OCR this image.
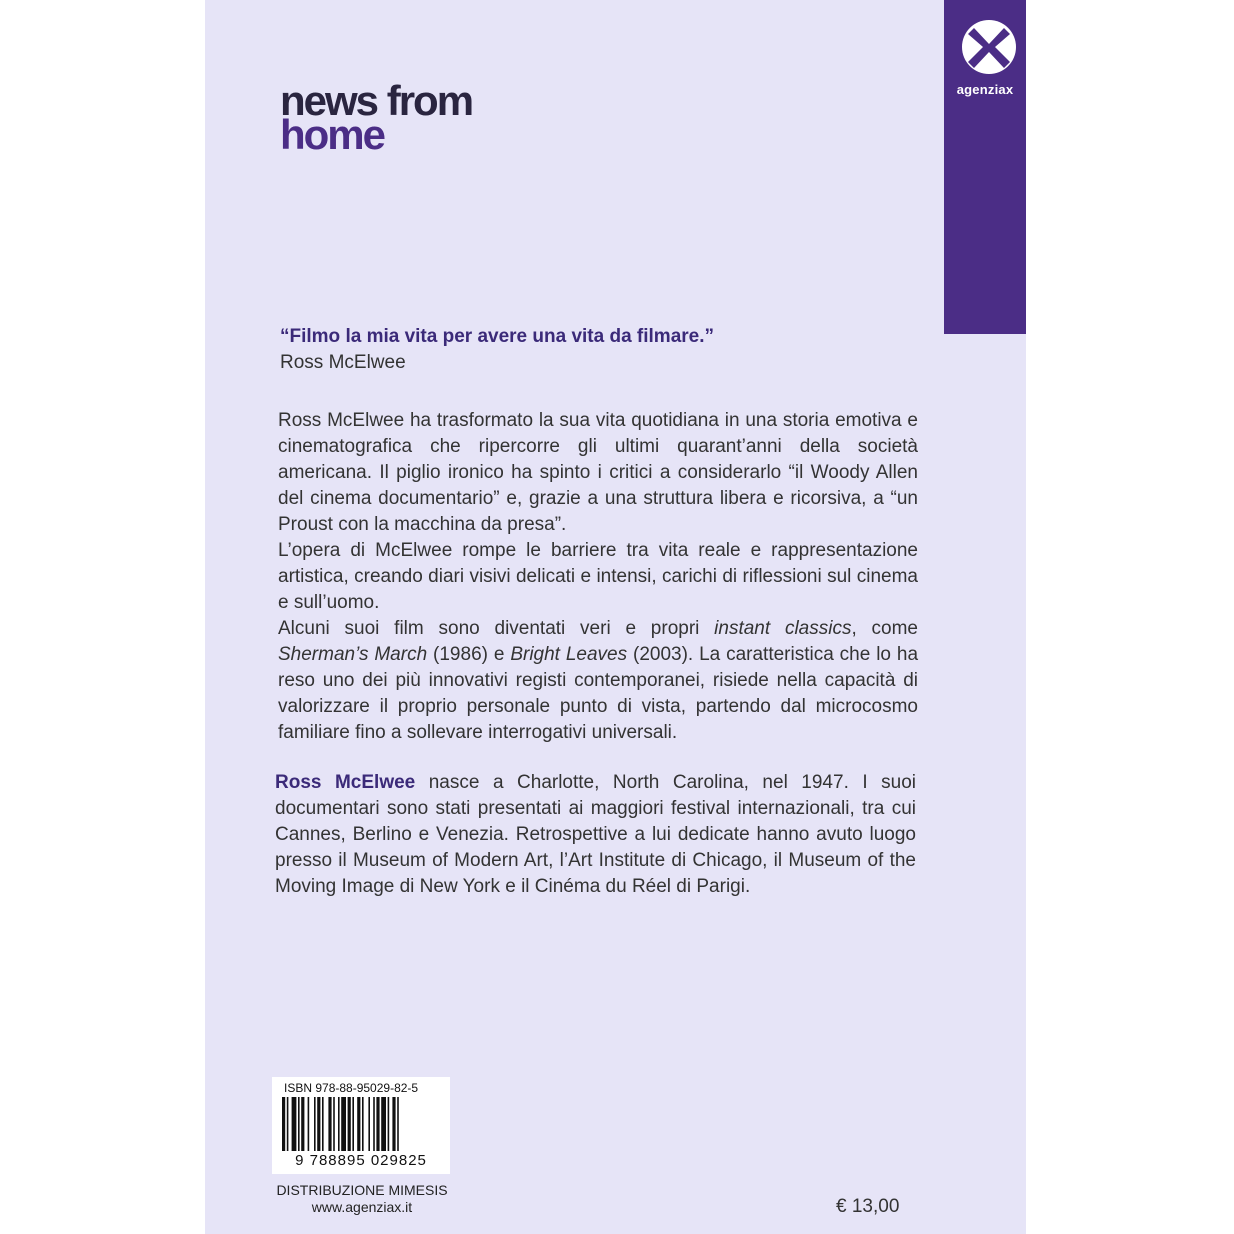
agenziax
news from
home
“Filmo la mia vita per avere una vita da filmare.”
Ross McElwee

Ross McElwee ha trasformato la sua vita quotidiana in una storia emotiva e cinematografica che ripercorre gli ultimi quarant’anni della società americana. Il piglio ironico ha spinto i critici a considerarlo “il Woody Allen del cinema documentario” e, grazie a una struttura libera e ricorsiva, a “un Proust con la macchina da presa”.

L’opera di McElwee rompe le barriere tra vita reale e rappresentazione artistica, creando diari visivi delicati e intensi, carichi di riflessioni sul cinema e sull’uomo.

Alcuni suoi film sono diventati veri e propri instant classics, come Sherman’s March (1986) e Bright Leaves (2003). La caratteristica che lo ha reso uno dei più innovativi registi contemporanei, risiede nella capacità di valorizzare il proprio personale punto di vista, partendo dal microcosmo familiare fino a sollevare interrogativi universali.

Ross McElwee nasce a Charlotte, North Carolina, nel 1947. I suoi documentari sono stati presentati ai maggiori festival internazionali, tra cui Cannes, Berlino e Venezia. Retrospettive a lui dedicate hanno avuto luogo presso il Museum of Modern Art, l’Art Institute di Chicago, il Museum of the Moving Image di New York e il Cinéma du Réel di Parigi.
ISBN 978-88-95029-82-5
9 788895 029825
DISTRIBUZIONE MIMESIS
www.agenziax.it	€ 13,00
